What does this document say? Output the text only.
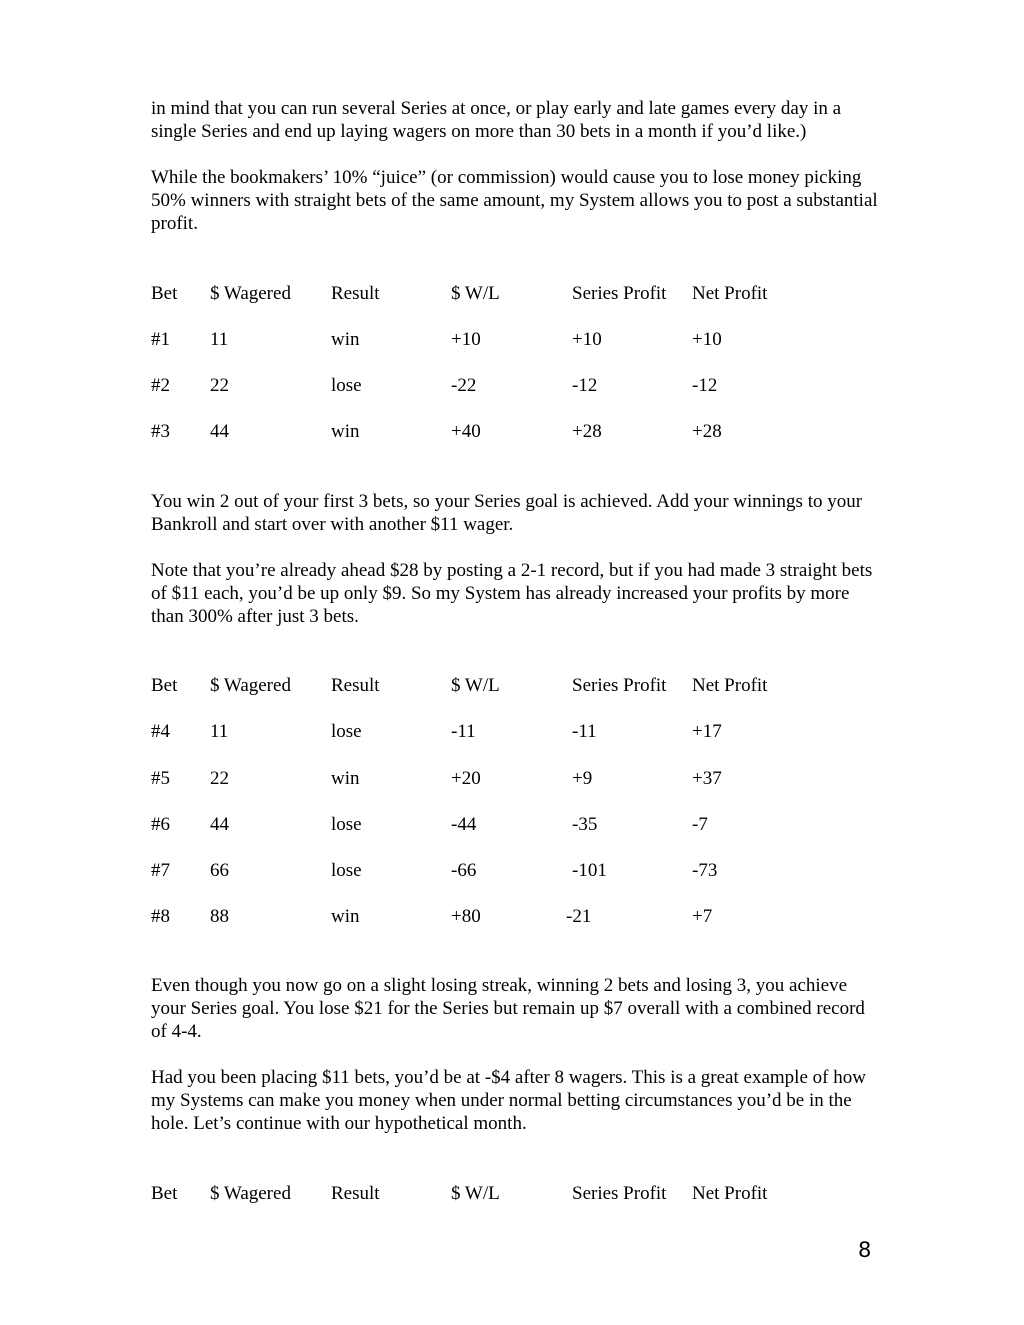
in mind that you can run several Series at once, or play early and late games every day in a single Series and end up laying wagers on more than 30 bets in a month if you’d like.)

While the bookmakers’ 10% “juice” (or commission) would cause you to lose money picking 50% winners with straight bets of the same amount, my System allows you to post a substantial profit.

Bet $ Wagered Result	$ W/L	Series Profit Net Profit
#1 11	win	+10	+10	+10
#2 22	lose	-22	-12	-12
#3 44	win	+40	+28	+28

You win 2 out of your first 3 bets, so your Series goal is achieved. Add your winnings to your Bankroll and start over with another $11 wager.

Note that you’re already ahead $28 by posting a 2-1 record, but if you had made 3 straight bets of $11 each, you’d be up only $9. So my System has already increased your profits by more than 300% after just 3 bets.

Bet $ Wagered Result	$ W/L	Series Profit Net Profit
#4 11	lose	-11	-11	+17
#5 22	win	+20	+9	+37
#6 44	lose	-44	-35	-7
#7 66	lose	-66	-101	-73
#8 88	win	+80	-21	+7

Even though you now go on a slight losing streak, winning 2 bets and losing 3, you achieve your Series goal. You lose $21 for the Series but remain up $7 overall with a combined record of 4-4.

Had you been placing $11 bets, you’d be at -$4 after 8 wagers. This is a great example of how my Systems can make you money when under normal betting circumstances you’d be in the hole. Let’s continue with our hypothetical month.

Bet $ Wagered Result	$ W/L	Series Profit Net Profit
8
